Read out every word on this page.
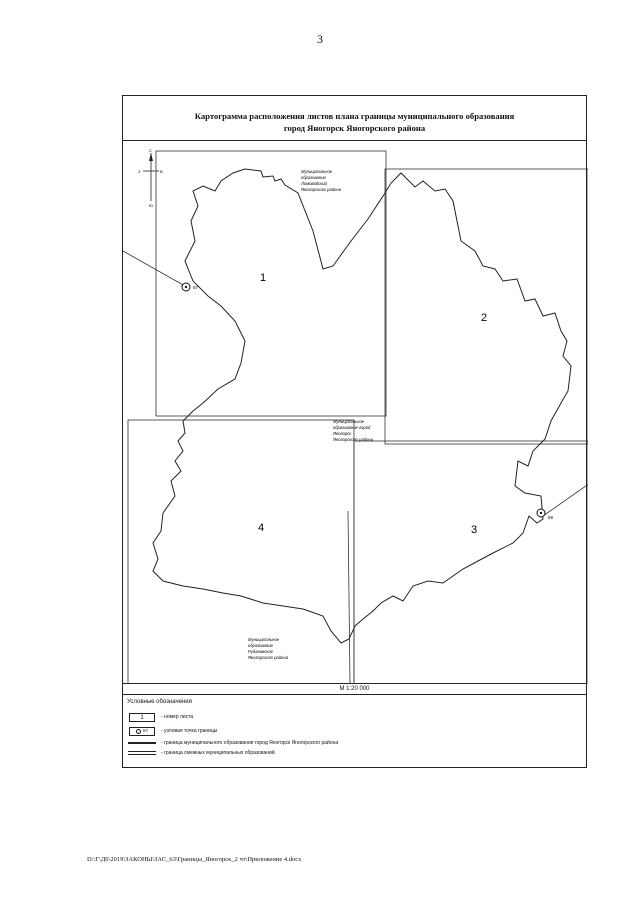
3
Картограмма расположения листов плана границы муниципального образования
город Яногорск Яногорского района
67
69
1
2
3
4
Муниципальное
образование
Ломовадский
Яногорского района
Муниципальное
образование город
Яногорск
Яногорского района
Муниципальное
образование
Рудановское
Яногорского района
С
З	В
Ю
М 1:20 000
Условные обозначения
1	- номер листа
67	- узловая точка границы
- граница муниципального образования город Яногорск Яногорского района
- граница смежных муниципальных образований
D:\Г\Д6\2019\ЗАКОНЫ\ЗАС_63\Границы_Яногорск_2 чт\Приложение 4.docx
